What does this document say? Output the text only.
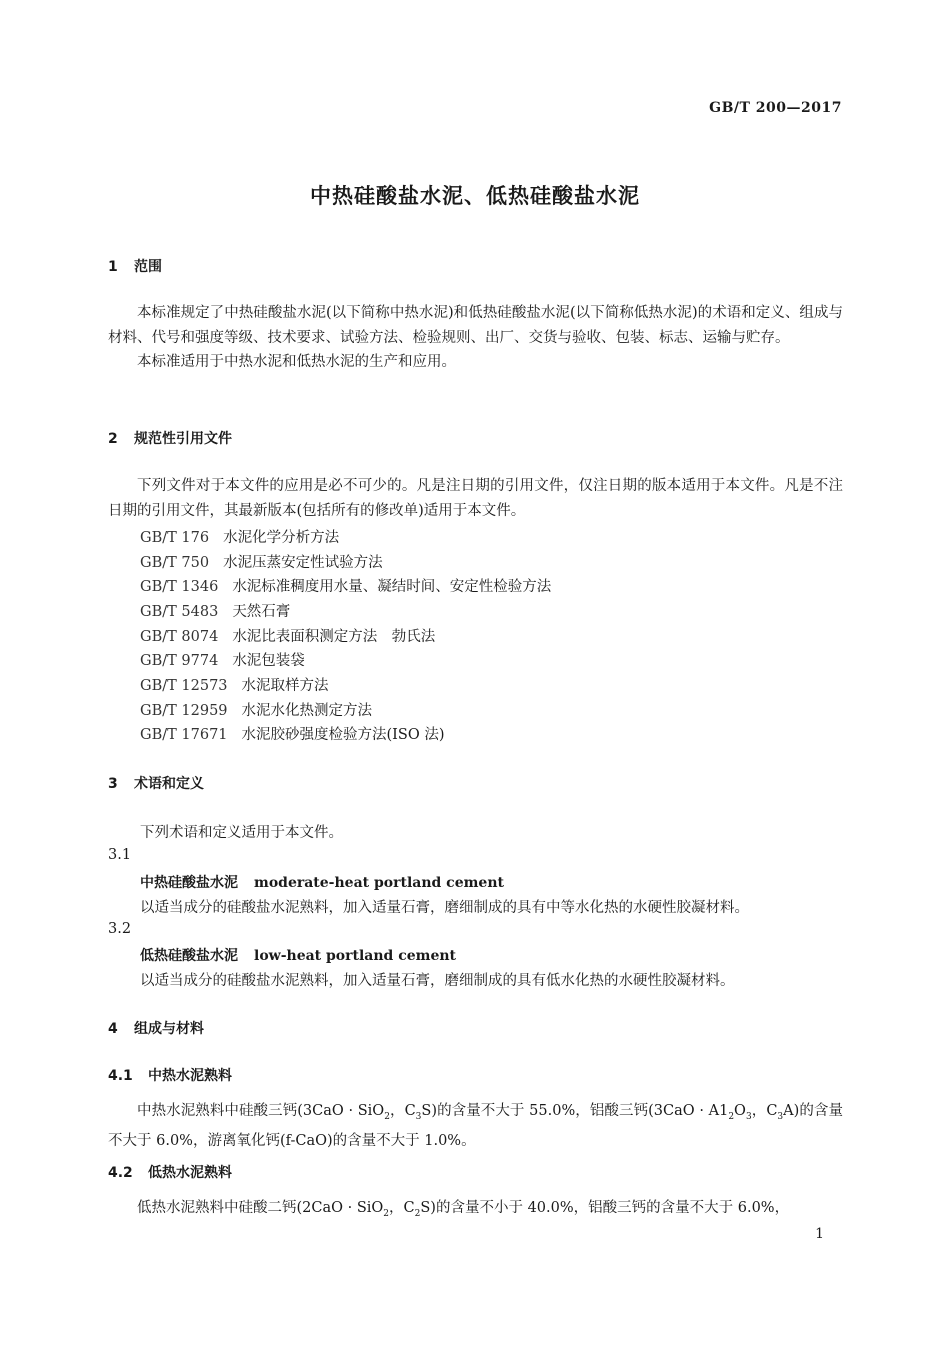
GB/T 200—2017
中热硅酸盐水泥、低热硅酸盐水泥
1 范围

本标准规定了中热硅酸盐水泥(以下简称中热水泥)和低热硅酸盐水泥(以下简称低热水泥)的术语和定义、组成与材料、代号和强度等级、技术要求、试验方法、检验规则、出厂、交货与验收、包装、标志、运输与贮存。

本标准适用于中热水泥和低热水泥的生产和应用。

2 规范性引用文件

下列文件对于本文件的应用是必不可少的。凡是注日期的引用文件，仅注日期的版本适用于本文件。凡是不注日期的引用文件，其最新版本(包括所有的修改单)适用于本文件。

GB/T 176 水泥化学分析方法
GB/T 750 水泥压蒸安定性试验方法
GB/T 1346 水泥标准稠度用水量、凝结时间、安定性检验方法
GB/T 5483 天然石膏
GB/T 8074 水泥比表面积测定方法　勃氏法
GB/T 9774 水泥包装袋
GB/T 12573 水泥取样方法
GB/T 12959 水泥水化热测定方法
GB/T 17671 水泥胶砂强度检验方法(ISO 法)
3 术语和定义
下列术语和定义适用于本文件。
3.1
中热硅酸盐水泥 moderate-heat portland cement
以适当成分的硅酸盐水泥熟料，加入适量石膏，磨细制成的具有中等水化热的水硬性胶凝材料。
3.2
低热硅酸盐水泥 low-heat portland cement
以适当成分的硅酸盐水泥熟料，加入适量石膏，磨细制成的具有低水化热的水硬性胶凝材料。
4 组成与材料
4.1 中热水泥熟料

中热水泥熟料中硅酸三钙(3CaO · SiO$_2$，$C_3S$)的含量不大于 55.0%，铝酸三钙($3CaO \cdot A1_2O_3$，$C_3A$)的含量不大于 6.0%，游离氧化钙(f-CaO)的含量不大于 1.0%。

4.2 低热水泥熟料

低热水泥熟料中硅酸二钙(2CaO · SiO$_2$，$C_2S$)的含量不小于 40.0%，铝酸三钙的含量不大于 6.0%，

1
